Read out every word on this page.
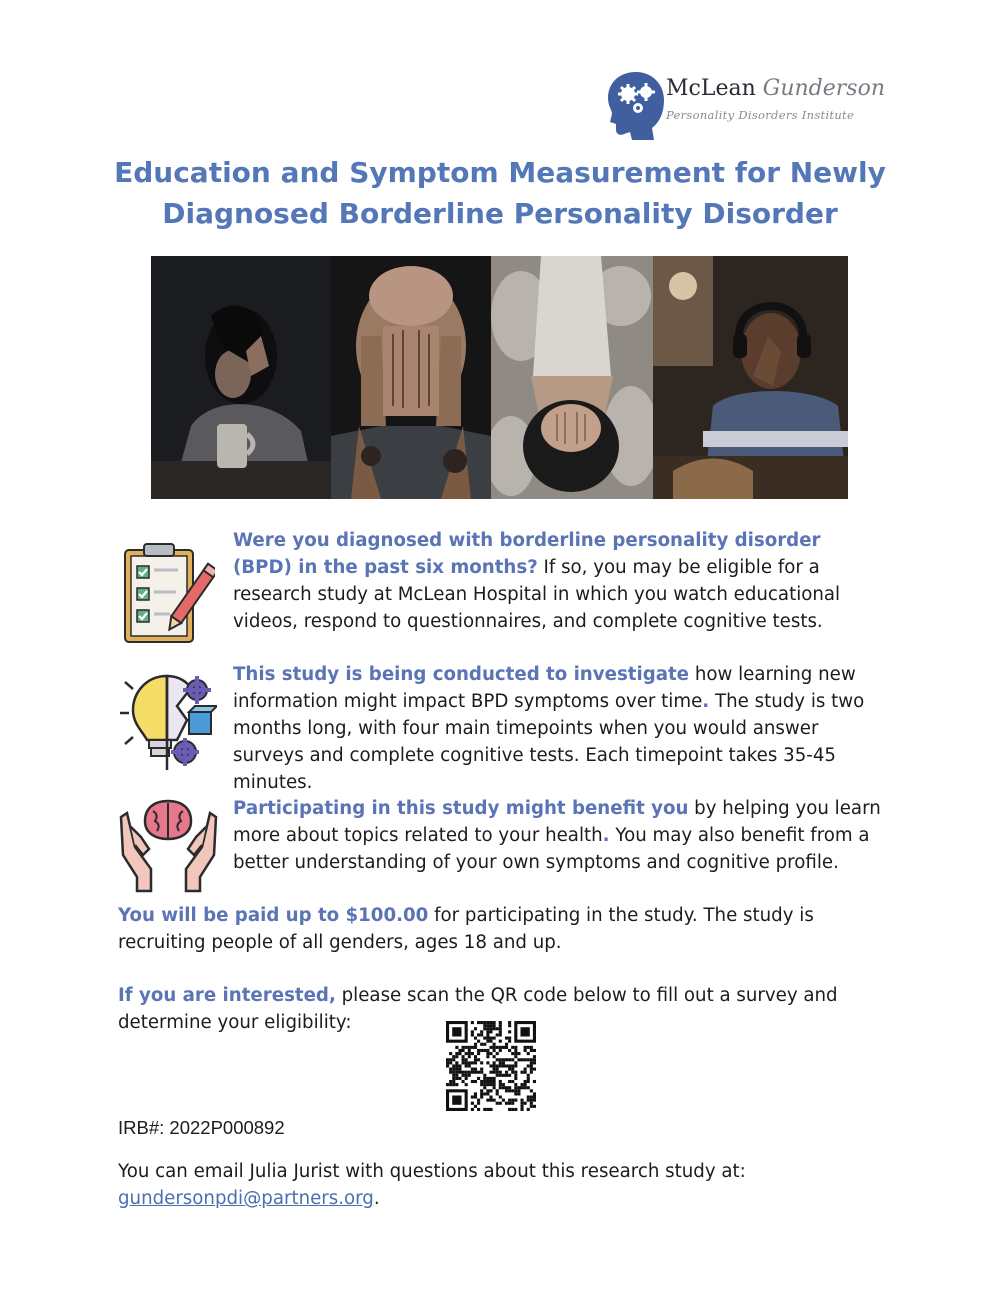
McLean Gunderson
Personality Disorders Institute
Education and Symptom Measurement for Newly
Diagnosed Borderline Personality Disorder

Were you diagnosed with borderline personality disorder (BPD) in the past six months? If so, you may be eligible for a research study at McLean Hospital in which you watch educational videos, respond to questionnaires, and complete cognitive tests.

This study is being conducted to investigate how learning new information might impact BPD symptoms over time. The study is two months long, with four main timepoints when you would answer surveys and complete cognitive tests. Each timepoint takes 35-45 minutes.

Participating in this study might benefit you by helping you learn more about topics related to your health. You may also benefit from a better understanding of your own symptoms and cognitive profile.

You will be paid up to $100.00 for participating in the study. The study is recruiting people of all genders, ages 18 and up.

If you are interested, please scan the QR code below to fill out a survey and determine your eligibility:

IRB#: 2022P000892

You can email Julia Jurist with questions about this research study at: gundersonpdi@partners.org.
